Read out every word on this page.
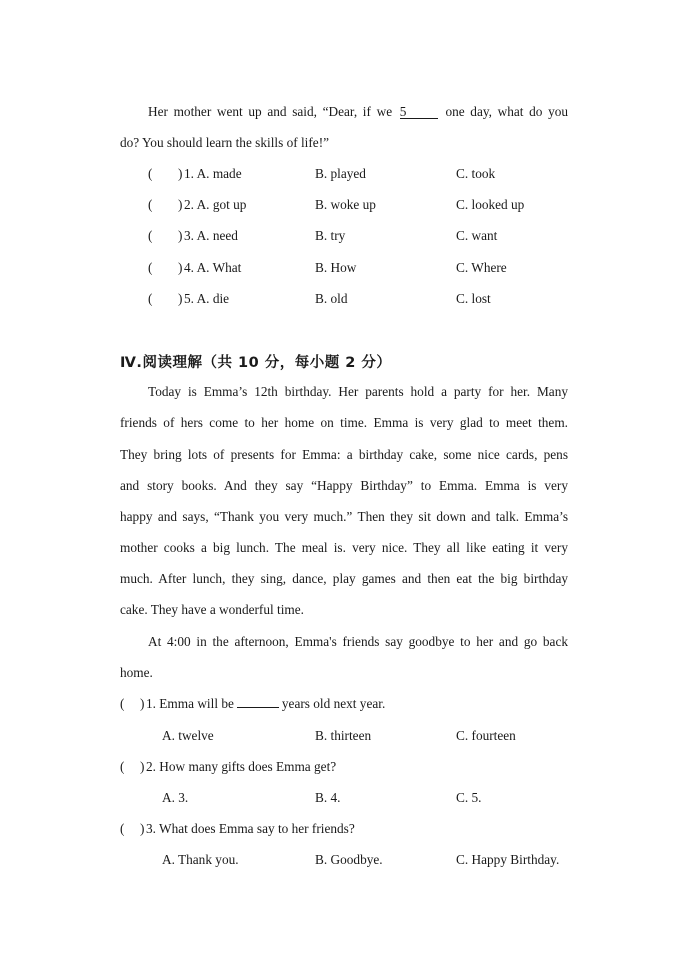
Her mother went up and said, “Dear, if we 5	one day, what do you
do? You should learn the skills of life!”
( ) 1. A. made	B. played	C. took
( ) 2. A. got up	B. woke up	C. looked up
( ) 3. A. need	B. try	C. want
( ) 4. A. What	B. How	C. Where
( ) 5. A. die	B. old	C. lost
Ⅳ.阅读理解（共 10 分，每小题 2 分）
Today is Emma’s 12th birthday. Her parents hold a party for her. Many
friends of hers come to her home on time. Emma is very glad to meet them.
They bring lots of presents for Emma: a birthday cake, some nice cards, pens
and story books. And they say “Happy Birthday” to Emma. Emma is very
happy and says, “Thank you very much.” Then they sit down and talk. Emma’s
mother cooks a big lunch. The meal is. very nice. They all like eating it very
much. After lunch, they sing, dance, play games and then eat the big birthday
cake. They have a wonderful time.
At 4:00 in the afternoon, Emma's friends say goodbye to her and go back
home.
( ) 1. Emma will be	years old next year.
A. twelve	B. thirteen	C. fourteen
( ) 2. How many gifts does Emma get?
A. 3.	B. 4.	C. 5.
( ) 3. What does Emma say to her friends?
A. Thank you.	B. Goodbye.	C. Happy Birthday.
